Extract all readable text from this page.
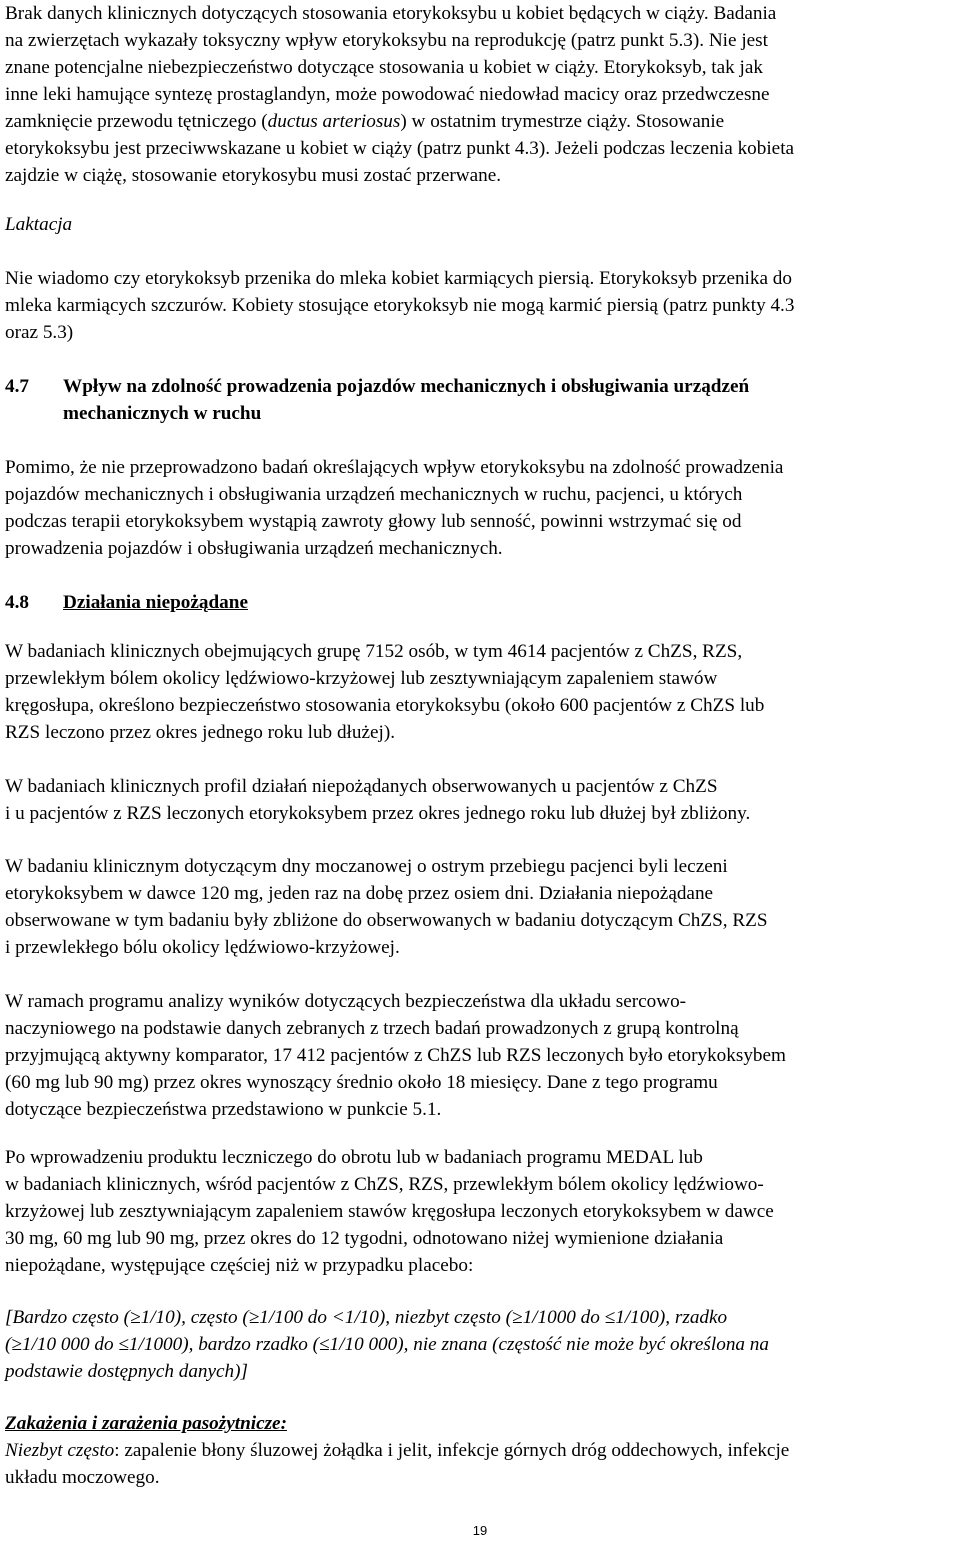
Brak danych klinicznych dotyczących stosowania etorykoksybu u kobiet będących w ciąży. Badania
na zwierzętach wykazały toksyczny wpływ etorykoksybu na reprodukcję (patrz punkt 5.3). Nie jest
znane potencjalne niebezpieczeństwo dotyczące stosowania u kobiet w ciąży. Etorykoksyb, tak jak
inne leki hamujące syntezę prostaglandyn, może powodować niedowład macicy oraz przedwczesne
zamknięcie przewodu tętniczego (ductus arteriosus) w ostatnim trymestrze ciąży. Stosowanie
etorykoksybu jest przeciwwskazane u kobiet w ciąży (patrz punkt 4.3). Jeżeli podczas leczenia kobieta
zajdzie w ciążę, stosowanie etorykosybu musi zostać przerwane.
Laktacja
Nie wiadomo czy etorykoksyb przenika do mleka kobiet karmiących piersią. Etorykoksyb przenika do
mleka karmiących szczurów. Kobiety stosujące etorykoksyb nie mogą karmić piersią (patrz punkty 4.3
oraz 5.3)
4.7 Wpływ na zdolność prowadzenia pojazdów mechanicznych i obsługiwania urządzeń
mechanicznych w ruchu
Pomimo, że nie przeprowadzono badań określających wpływ etorykoksybu na zdolność prowadzenia
pojazdów mechanicznych i obsługiwania urządzeń mechanicznych w ruchu, pacjenci, u których
podczas terapii etorykoksybem wystąpią zawroty głowy lub senność, powinni wstrzymać się od
prowadzenia pojazdów i obsługiwania urządzeń mechanicznych.
4.8 Działania niepożądane
W badaniach klinicznych obejmujących grupę 7152 osób, w tym 4614 pacjentów z ChZS, RZS,
przewlekłym bólem okolicy lędźwiowo-krzyżowej lub zesztywniającym zapaleniem stawów
kręgosłupa, określono bezpieczeństwo stosowania etorykoksybu (około 600 pacjentów z ChZS lub
RZS leczono przez okres jednego roku lub dłużej).
W badaniach klinicznych profil działań niepożądanych obserwowanych u pacjentów z ChZS
i u pacjentów z RZS leczonych etorykoksybem przez okres jednego roku lub dłużej był zbliżony.
W badaniu klinicznym dotyczącym dny moczanowej o ostrym przebiegu pacjenci byli leczeni
etorykoksybem w dawce 120 mg, jeden raz na dobę przez osiem dni. Działania niepożądane
obserwowane w tym badaniu były zbliżone do obserwowanych w badaniu dotyczącym ChZS, RZS
i przewlekłego bólu okolicy lędźwiowo-krzyżowej.
W ramach programu analizy wyników dotyczących bezpieczeństwa dla układu sercowo-
naczyniowego na podstawie danych zebranych z trzech badań prowadzonych z grupą kontrolną
przyjmującą aktywny komparator, 17 412 pacjentów z ChZS lub RZS leczonych było etorykoksybem
(60 mg lub 90 mg) przez okres wynoszący średnio około 18 miesięcy. Dane z tego programu
dotyczące bezpieczeństwa przedstawiono w punkcie 5.1.
Po wprowadzeniu produktu leczniczego do obrotu lub w badaniach programu MEDAL lub
w badaniach klinicznych, wśród pacjentów z ChZS, RZS, przewlekłym bólem okolicy lędźwiowo-
krzyżowej lub zesztywniającym zapaleniem stawów kręgosłupa leczonych etorykoksybem w dawce
30 mg, 60 mg lub 90 mg, przez okres do 12 tygodni, odnotowano niżej wymienione działania
niepożądane, występujące częściej niż w przypadku placebo:
[Bardzo często (≥1/10), często (≥1/100 do <1/10), niezbyt często (≥1/1000 do ≤1/100), rzadko
(≥1/10 000 do ≤1/1000), bardzo rzadko (≤1/10 000), nie znana (częstość nie może być określona na
podstawie dostępnych danych)]
Zakażenia i zarażenia pasożytnicze:
Niezbyt często: zapalenie błony śluzowej żołądka i jelit, infekcje górnych dróg oddechowych, infekcje
układu moczowego.
19
